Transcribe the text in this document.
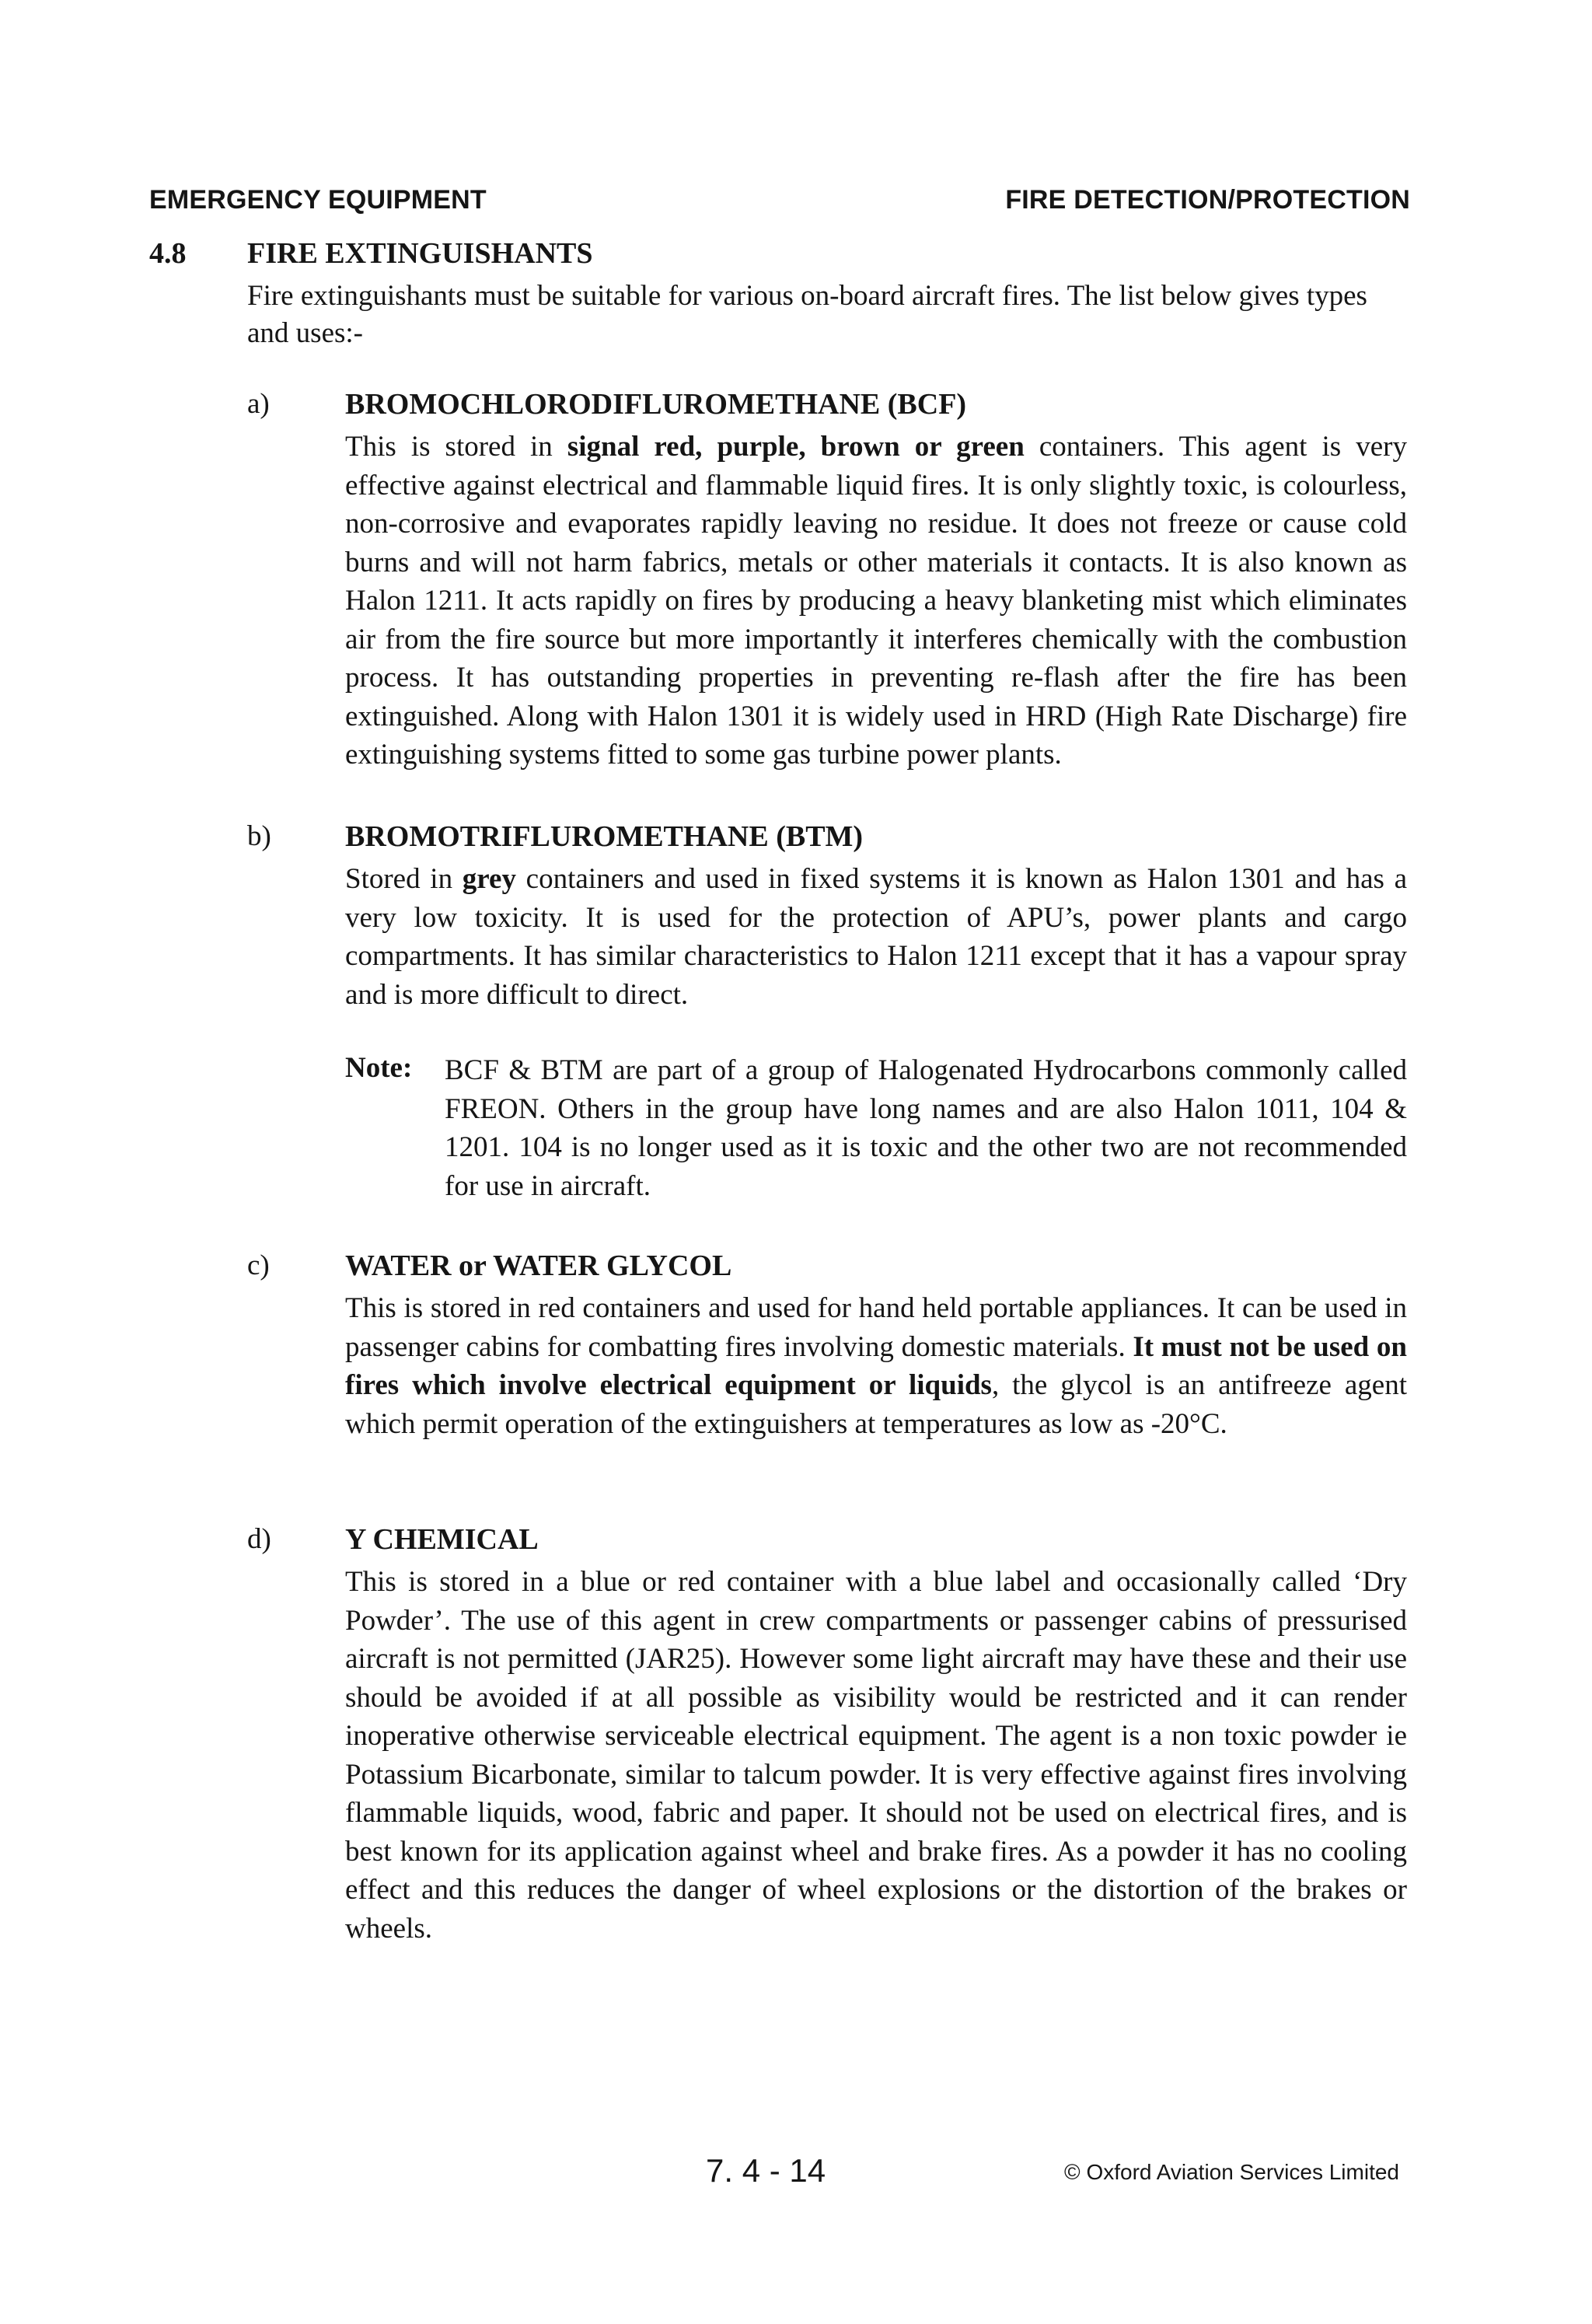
EMERGENCY EQUIPMENT	FIRE DETECTION/PROTECTION
4.8 FIRE EXTINGUISHANTS

Fire extinguishants must be suitable for various on-board aircraft fires. The list below gives types and uses:-

a)	BROMOCHLORODIFLUROMETHANE (BCF)

This is stored in signal red, purple, brown or green containers. This agent is very effective against electrical and flammable liquid fires. It is only slightly toxic, is colourless, non-corrosive and evaporates rapidly leaving no residue. It does not freeze or cause cold burns and will not harm fabrics, metals or other materials it contacts. It is also known as Halon 1211. It acts rapidly on fires by producing a heavy blanketing mist which eliminates air from the fire source but more importantly it interferes chemically with the combustion process. It has outstanding properties in preventing re-flash after the fire has been extinguished. Along with Halon 1301 it is widely used in HRD (High Rate Discharge) fire extinguishing systems fitted to some gas turbine power plants.

b)	BROMOTRIFLUROMETHANE (BTM)

Stored in grey containers and used in fixed systems it is known as Halon 1301 and has a very low toxicity. It is used for the protection of APU’s, power plants and cargo compartments. It has similar characteristics to Halon 1211 except that it has a vapour spray and is more difficult to direct.

Note: BCF & BTM are part of a group of Halogenated Hydrocarbons commonly called FREON. Others in the group have long names and are also Halon 1011, 104 & 1201. 104 is no longer used as it is toxic and the other two are not recommended for use in aircraft.

c)	WATER or WATER GLYCOL

This is stored in red containers and used for hand held portable appliances. It can be used in passenger cabins for combatting fires involving domestic materials. It must not be used on fires which involve electrical equipment or liquids, the glycol is an antifreeze agent which permit operation of the extinguishers at temperatures as low as -20°C.

d)	Y CHEMICAL

This is stored in a blue or red container with a blue label and occasionally called ‘Dry Powder’. The use of this agent in crew compartments or passenger cabins of pressurised aircraft is not permitted (JAR25). However some light aircraft may have these and their use should be avoided if at all possible as visibility would be restricted and it can render inoperative otherwise serviceable electrical equipment. The agent is a non toxic powder ie Potassium Bicarbonate, similar to talcum powder. It is very effective against fires involving flammable liquids, wood, fabric and paper. It should not be used on electrical fires, and is best known for its application against wheel and brake fires. As a powder it has no cooling effect and this reduces the danger of wheel explosions or the distortion of the brakes or wheels.

7. 4 - 14	© Oxford Aviation Services Limited
